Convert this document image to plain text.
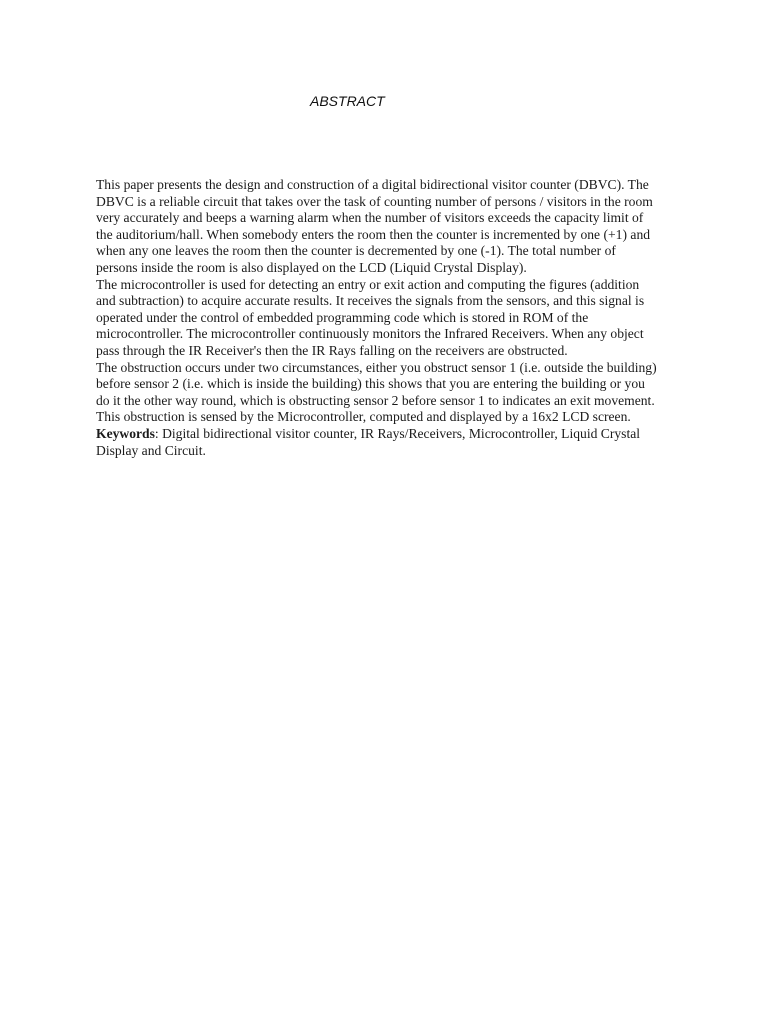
ABSTRACT

This paper presents the design and construction of a digital bidirectional visitor counter (DBVC). The DBVC is a reliable circuit that takes over the task of counting number of persons / visitors in the room very accurately and beeps a warning alarm when the number of visitors exceeds the capacity limit of the auditorium/hall. When somebody enters the room then the counter is incremented by one (+1) and when any one leaves the room then the counter is decremented by one (-1). The total number of persons inside the room is also displayed on the LCD (Liquid Crystal Display).

The microcontroller is used for detecting an entry or exit action and computing the figures (addition and subtraction) to acquire accurate results. It receives the signals from the sensors, and this signal is operated under the control of embedded programming code which is stored in ROM of the microcontroller. The microcontroller continuously monitors the Infrared Receivers. When any object pass through the IR Receiver's then the IR Rays falling on the receivers are obstructed.

The obstruction occurs under two circumstances, either you obstruct sensor 1 (i.e. outside the building) before sensor 2 (i.e. which is inside the building) this shows that you are entering the building or you do it the other way round, which is obstructing sensor 2 before sensor 1 to indicates an exit movement. This obstruction is sensed by the Microcontroller, computed and displayed by a 16x2 LCD screen.

Keywords: Digital bidirectional visitor counter, IR Rays/Receivers, Microcontroller, Liquid Crystal Display and Circuit.
